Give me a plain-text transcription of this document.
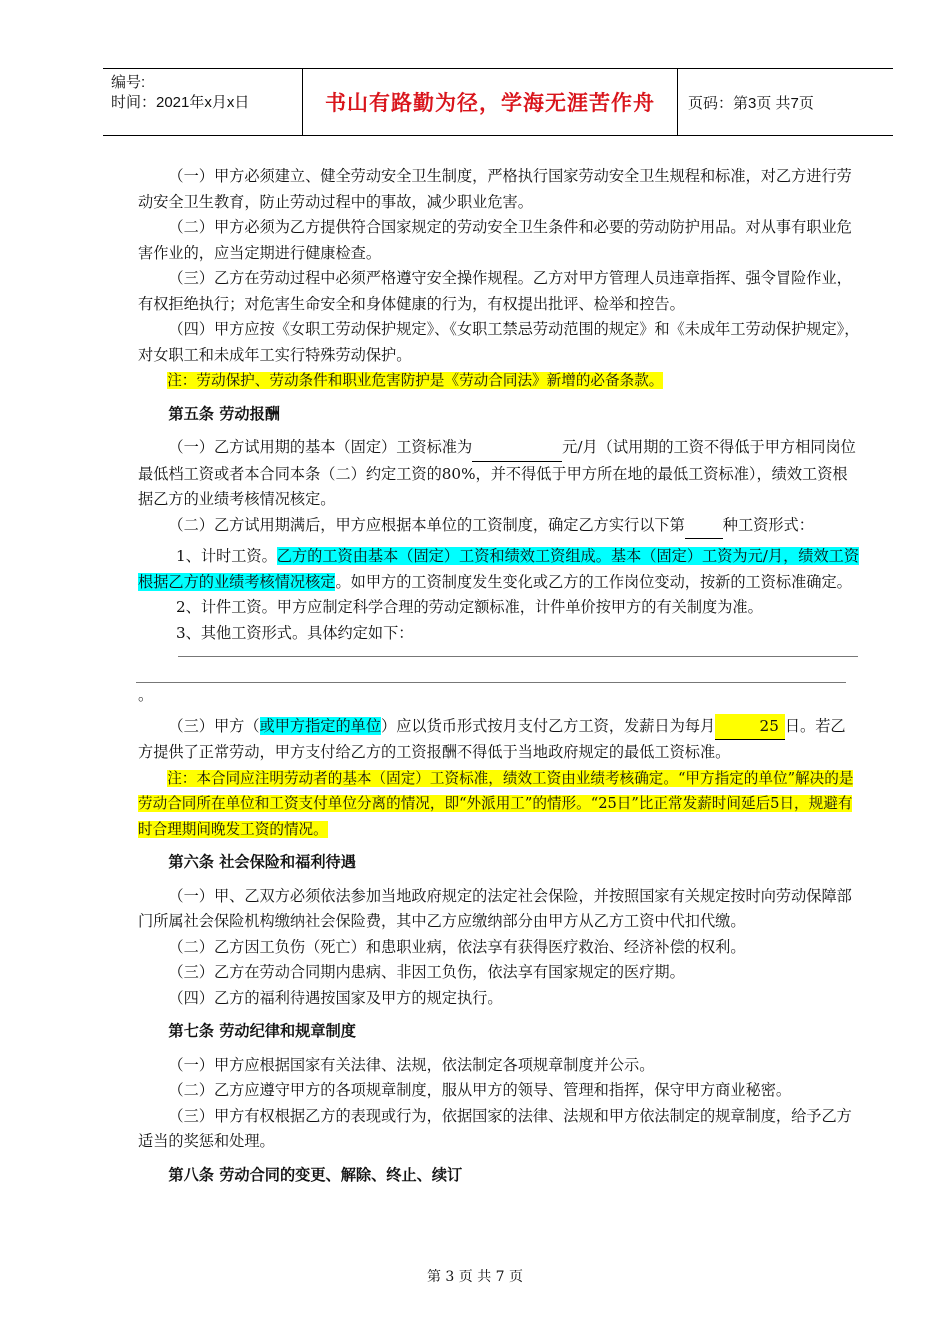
编号:
时间：2021年x月x日	书山有路勤为径，学海无涯苦作舟	页码：第3页 共7页

（一）甲方必须建立、健全劳动安全卫生制度，严格执行国家劳动安全卫生规程和标准，对乙方进行劳动安全卫生教育，防止劳动过程中的事故，减少职业危害。

（二）甲方必须为乙方提供符合国家规定的劳动安全卫生条件和必要的劳动防护用品。对从事有职业危害作业的，应当定期进行健康检查。

（三）乙方在劳动过程中必须严格遵守安全操作规程。乙方对甲方管理人员违章指挥、强令冒险作业，有权拒绝执行；对危害生命安全和身体健康的行为，有权提出批评、检举和控告。

（四）甲方应按《女职工劳动保护规定》、《女职工禁忌劳动范围的规定》和《未成年工劳动保护规定》，对女职工和未成年工实行特殊劳动保护。

注：劳动保护、劳动条件和职业危害防护是《劳动合同法》新增的必备条款。

第五条 劳动报酬

（一）乙方试用期的基本（固定）工资标准为	元/月（试用期的工资不得低于甲方相同岗位最低档工资或者本合同本条（二）约定工资的80%，并不得低于甲方所在地的最低工资标准），绩效工资根据乙方的业绩考核情况核定。

（二）乙方试用期满后，甲方应根据本单位的工资制度，确定乙方实行以下第	种工资形式：

1、计时工资。乙方的工资由基本（固定）工资和绩效工资组成。基本（固定）工资为元/月，绩效工资根据乙方的业绩考核情况核定。如甲方的工资制度发生变化或乙方的工作岗位变动，按新的工资标准确定。

2、计件工资。甲方应制定科学合理的劳动定额标准，计件单价按甲方的有关制度为准。

3、其他工资形式。具体约定如下：

。

（三）甲方（或甲方指定的单位）应以货币形式按月支付乙方工资，发薪日为每月	25 日。若乙方提供了正常劳动，甲方支付给乙方的工资报酬不得低于当地政府规定的最低工资标准。

注：本合同应注明劳动者的基本（固定）工资标准，绩效工资由业绩考核确定。“甲方指定的单位”解决的是劳动合同所在单位和工资支付单位分离的情况，即“外派用工”的情形。“25日”比正常发薪时间延后5日，规避有时合理期间晚发工资的情况。

第六条 社会保险和福利待遇

（一）甲、乙双方必须依法参加当地政府规定的法定社会保险，并按照国家有关规定按时向劳动保障部门所属社会保险机构缴纳社会保险费，其中乙方应缴纳部分由甲方从乙方工资中代扣代缴。

（二）乙方因工负伤（死亡）和患职业病，依法享有获得医疗救治、经济补偿的权利。

（三）乙方在劳动合同期内患病、非因工负伤，依法享有国家规定的医疗期。

（四）乙方的福利待遇按国家及甲方的规定执行。

第七条 劳动纪律和规章制度

（一）甲方应根据国家有关法律、法规，依法制定各项规章制度并公示。

（二）乙方应遵守甲方的各项规章制度，服从甲方的领导、管理和指挥，保守甲方商业秘密。

（三）甲方有权根据乙方的表现或行为，依据国家的法律、法规和甲方依法制定的规章制度，给予乙方适当的奖惩和处理。

第八条 劳动合同的变更、解除、终止、续订

第 3 页 共 7 页
